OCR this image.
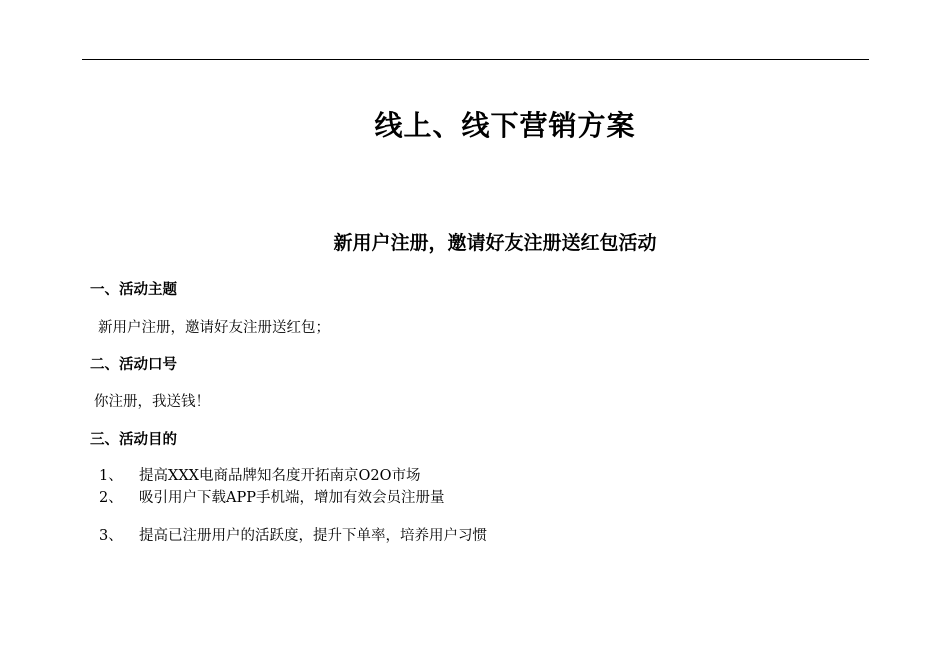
线上、线下营销方案
新用户注册，邀请好友注册送红包活动
一、活动主题
新用户注册，邀请好友注册送红包；
二、活动口号
你注册，我送钱！
三、活动目的
1、 提高XXX电商品牌知名度开拓南京O2O市场
2、 吸引用户下载APP手机端，增加有效会员注册量
3、 提高已注册用户的活跃度，提升下单率，培养用户习惯
